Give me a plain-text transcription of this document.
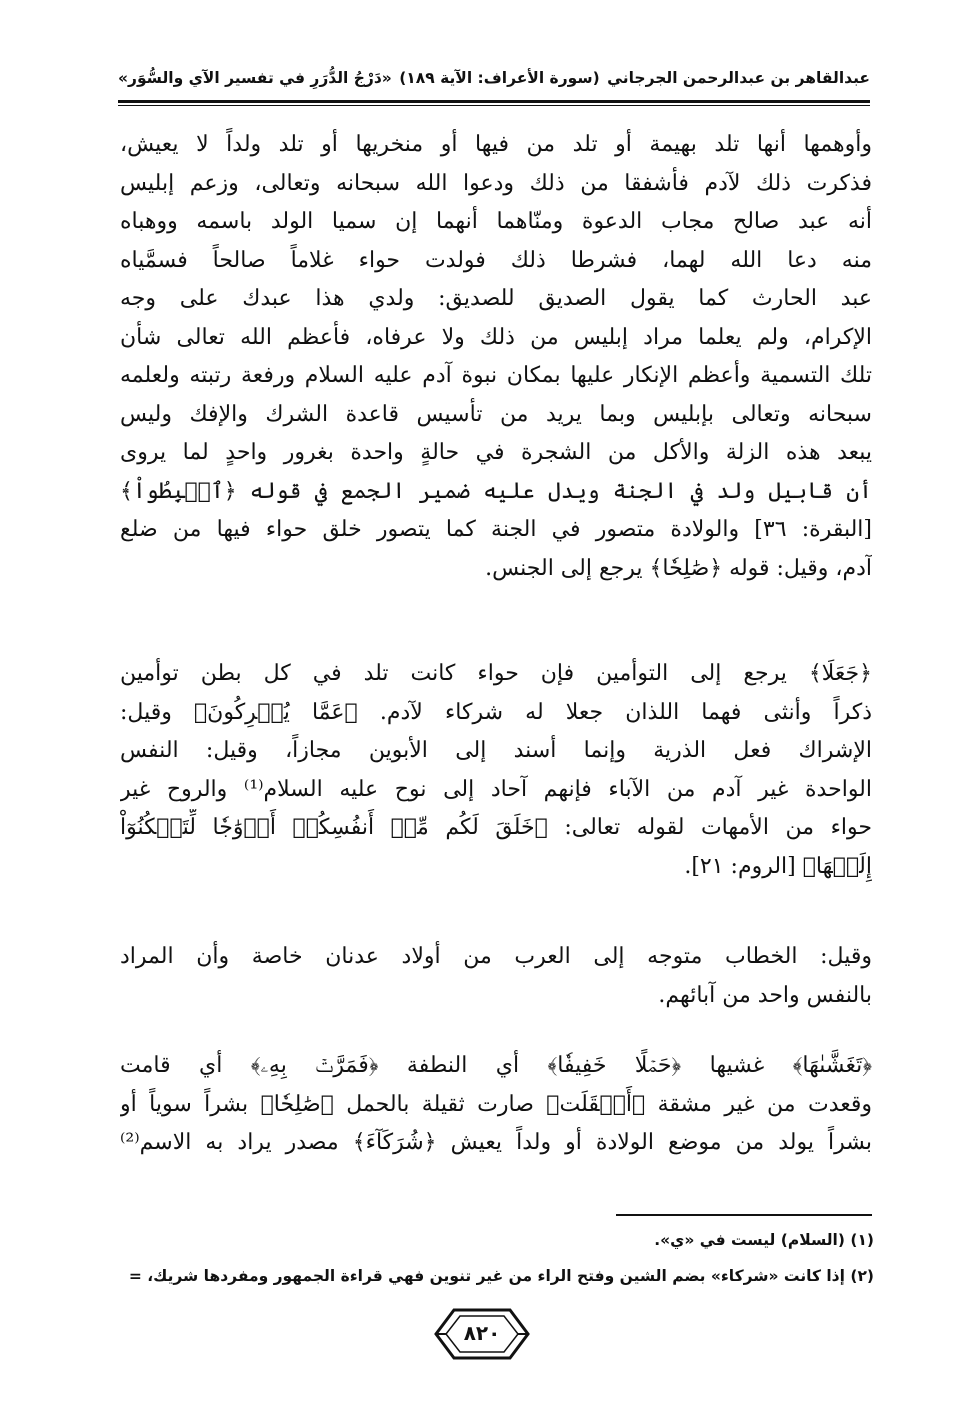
عبدالقاهر بن عبدالرحمن الجرجاني
(سورة الأعراف: الآية ١٨٩)
«دَرْجُ الدُّرَرِ في تفسير الآي والسُّوَر»
وأوهمها أنها تلد بهيمة أو تلد من فيها أو منخريها أو تلد ولداً لا يعيش،
فذكرت ذلك لآدم فأشفقا من ذلك ودعوا الله سبحانه وتعالى، وزعم إبليس
أنه عبد صالح مجاب الدعوة ومنّاهما أنهما إن سميا الولد باسمه ووهباه
منه دعا الله لهما، فشرطا ذلك فولدت حواء غلاماً صالحاً فسمَّياه
عبد الحارث كما يقول الصديق للصديق: ولدي هذا عبدك على وجه
الإكرام، ولم يعلما مراد إبليس من ذلك ولا عرفاه، فأعظم الله تعالى شأن
تلك التسمية وأعظم الإنكار عليها بمكان نبوة آدم عليه السلام ورفعة رتبته ولعلمه
سبحانه وتعالى بإبليس وبما يريد من تأسيس قاعدة الشرك والإفك وليس
يبعد هذه الزلة والأكل من الشجرة في حالةٍ واحدة بغرور واحدٍ لما يروى
أن قابيل ولد في الجنة ويدل عليه ضمير الجمع في قوله ﴿ٱهۡبِطُواْ﴾
[البقرة: ٣٦] والولادة متصور في الجنة كما يتصور خلق حواء فيها من ضلع
آدم، وقيل: قوله ﴿صَٰلِحٗا﴾ يرجع إلى الجنس.
﴿جَعَلَا﴾ يرجع إلى التوأمين فإن حواء كانت تلد في كل بطن توأمين
ذكراً وأنثى فهما اللذان جعلا له شركاء لآدم. ﴿عَمَّا يُشۡرِكُونَ﴾ وقيل:
الإشراك فعل الذرية وإنما أسند إلى الأبوين مجازاً، وقيل: النفس
الواحدة غير آدم من الآباء فإنهم آحاد إلى نوح عليه السلام⁽¹⁾ والروح غير
حواء من الأمهات لقوله تعالى: ﴿خَلَقَ لَكُم مِّنۡ أَنفُسِكُمۡ أَزۡوَٰجٗا لِّتَسۡكُنُوٓاْ
إِلَيۡهَا﴾ [الروم: ٢١].
وقيل: الخطاب متوجه إلى العرب من أولاد عدنان خاصة وأن المراد
بالنفس واحد من آبائهم.
﴿تَغَشَّىٰهَا﴾ غشيها ﴿حَمۡلًا خَفِيفٗا﴾ أي النطفة ﴿فَمَرَّتۡ بِهِۦ﴾ أي قامت
وقعدت من غير مشقة ﴿أَثۡقَلَت﴾ صارت ثقيلة بالحمل ﴿صَٰلِحٗا﴾ بشراً سوياً أو
بشراً يولد من موضع الولادة أو ولداً يعيش ﴿شُرَكَآءَ﴾ مصدر يراد به الاسم⁽²⁾
(١) (السلام) ليست في «ي».
(٢) إذا كانت «شركاء» بضم الشين وفتح الراء من غير تنوين فهي قراءة الجمهور ومفردها شريك، =
٨٢٠
